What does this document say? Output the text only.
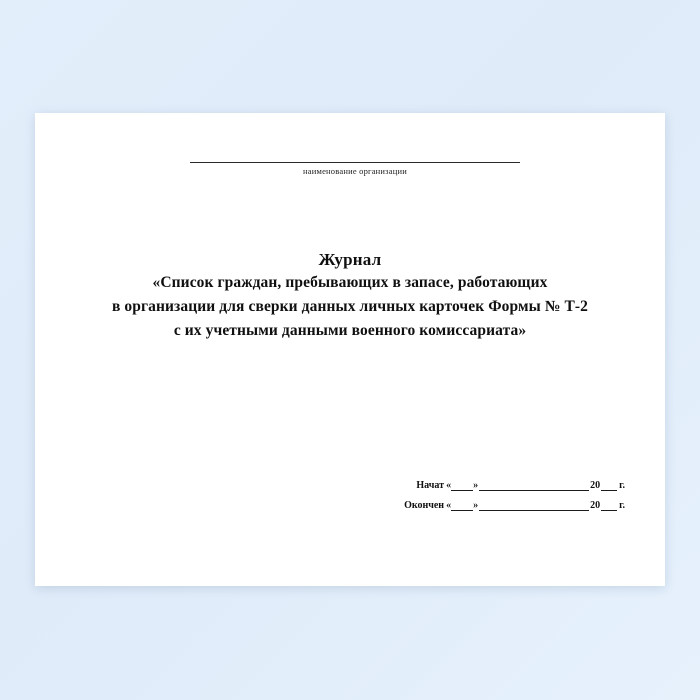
наименование организации
Журнал
«Список граждан, пребывающих в запасе, работающих
в организации для сверки данных личных карточек Формы № Т-2
с их учетными данными военного комиссариата»
Начат « »	20 г.
Окончен « »	20 г.
